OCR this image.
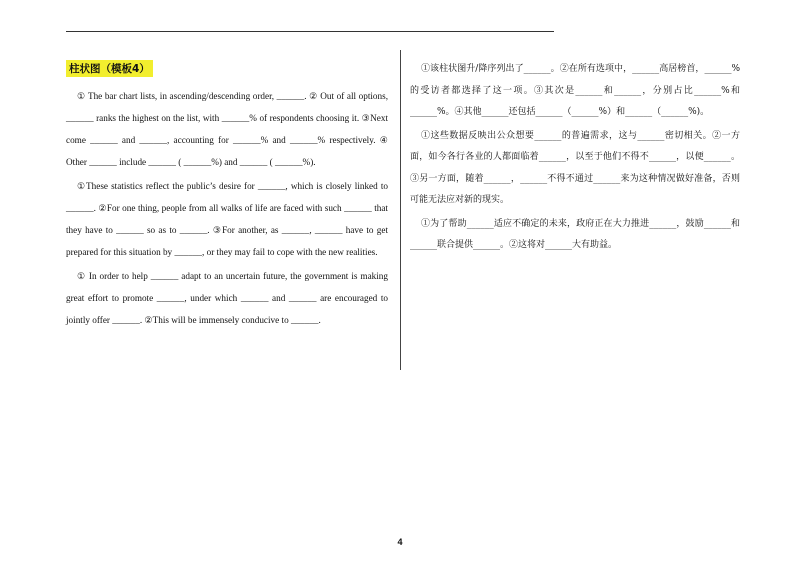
柱状图（模板4）

① The bar chart lists, in ascending/descending order, ______. ② Out of all options, ______ ranks the highest on the list, with ______% of respondents choosing it. ③Next come ______ and ______, accounting for ______% and ______% respectively. ④ Other ______ include ______ ( ______%) and ______ ( ______%).

①These statistics reflect the public’s desire for ______, which is closely linked to ______. ②For one thing, people from all walks of life are faced with such ______ that they have to ______ so as to ______. ③For another, as ______, ______ have to get prepared for this situation by ______, or they may fail to cope with the new realities.

① In order to help ______ adapt to an uncertain future, the government is making great effort to promote ______, under which ______ and ______ are encouraged to jointly offer ______. ②This will be immensely conducive to ______.

①该柱状图升/降序列出了______。②在所有选项中，______高居榜首，______%的受访者都选择了这一项。③其次是______和______，分别占比______%和______%。④其他______还包括______（______%）和______（______%)。

①这些数据反映出公众想要______的普遍需求，这与______密切相关。②一方面，如今各行各业的人都面临着______，以至于他们不得不______，以便______。③另一方面，随着______，______不得不通过______来为这种情况做好准备，否则可能无法应对新的现实。

①为了帮助______适应不确定的未来，政府正在大力推进______，鼓励______和______联合提供______。②这将对______大有助益。

4
